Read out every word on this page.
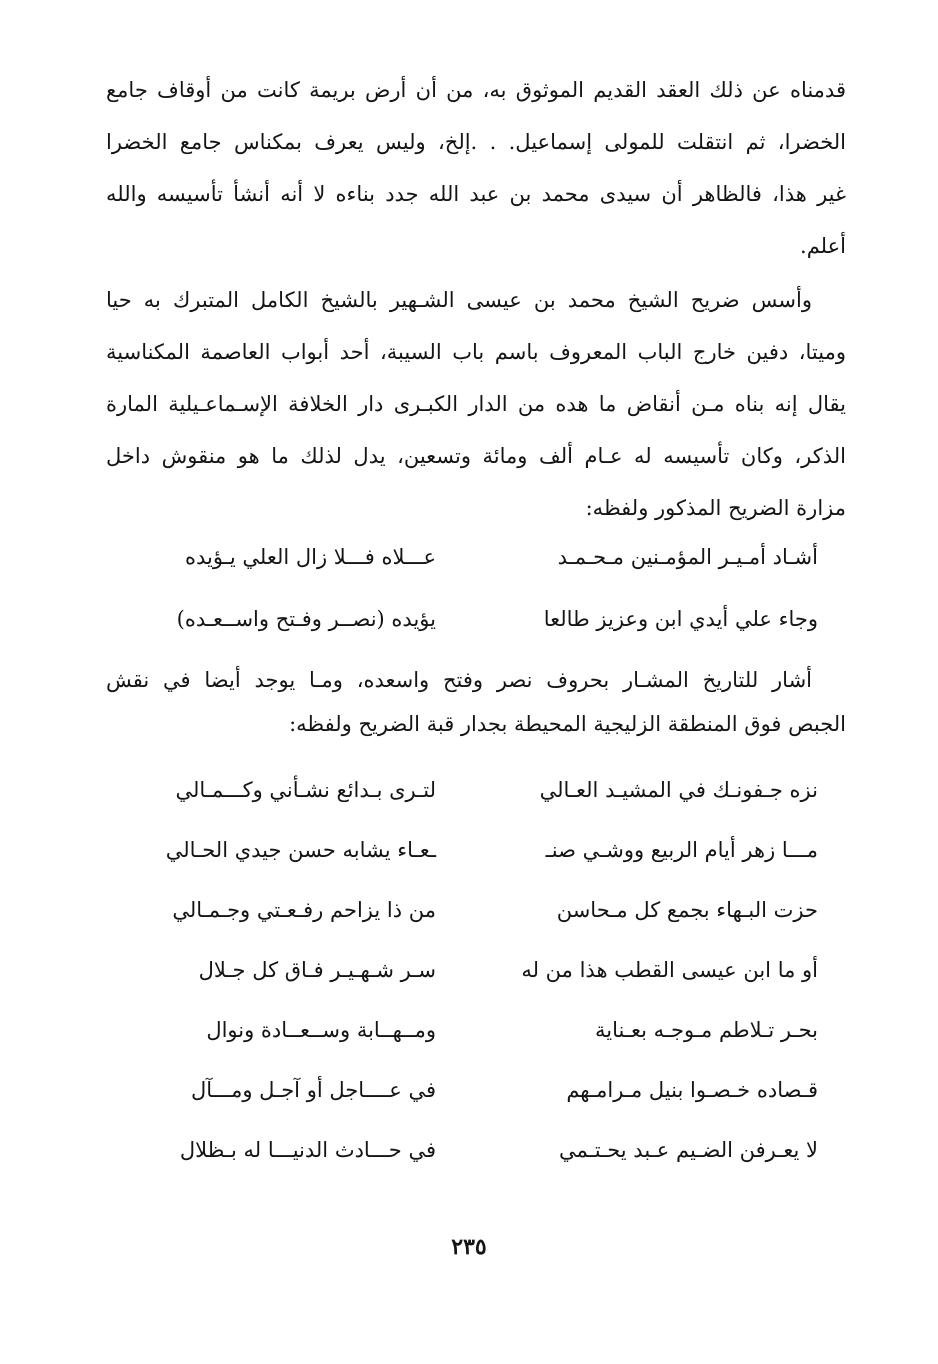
قدمناه عن ذلك العقد القديم الموثوق به، من أن أرض بريمة كانت من أوقاف جامع
الخضرا، ثم انتقلت للمولى إسماعيل. . .إلخ، وليس يعرف بمكناس جامع الخضرا
غير هذا، فالظاهر أن سيدى محمد بن عبد الله جدد بناءه لا أنه أنشأ تأسيسه والله
أعلم.
وأسس ضريح الشيخ محمد بن عيسى الشـهير بالشيخ الكامل المتبرك به حيا
وميتا، دفين خارج الباب المعروف باسم باب السيبة، أحد أبواب العاصمة المكناسية
يقال إنه بناه مـن أنقاض ما هده من الدار الكبـرى دار الخلافة الإسـماعـيلية المارة
الذكر، وكان تأسيسه له عـام ألف ومائة وتسعين، يدل لذلك ما هو منقوش داخل
مزارة الضريح المذكور ولفظه:
أشـاد أمـيـر المؤمـنين مـحـمـد
عـــلاه فـــلا زال العلي يـؤيده
وجاء علي أيدي ابن وعزيز طالعا
يؤيده (نصــر وفـتح واســعـده)
أشار للتاريخ المشـار بحروف نصر وفتح واسعده، ومـا يوجد أيضا في نقش
الجبص فوق المنطقة الزليجية المحيطة بجدار قبة الضريح ولفظه:
نزه جـفونـك في المشيـد العـالي
لتـرى بـدائع نشـأني وكـــمـالي
مـــا زهر أيام الربيع ووشـي صنـ
ـعـاء يشابه حسن جيدي الحـالي
حزت البـهاء بجمع كل مـحاسن
من ذا يزاحم رفـعـتي وجـمـالي
أو ما ابن عيسى القطب هذا من له
سـر شـهـيـر فـاق كل جـلال
بحـر تـلاطم مـوجـه بعـناية
ومــهــابة وســعــادة ونوال
قـصاده خـصـوا بنيل مـرامـهم
في عــــاجل أو آجـل ومـــآل
لا يعـرفن الضـيم عـبد يحـتـمي
في حـــادث الدنيـــا له بـظلال
٢٣٥
